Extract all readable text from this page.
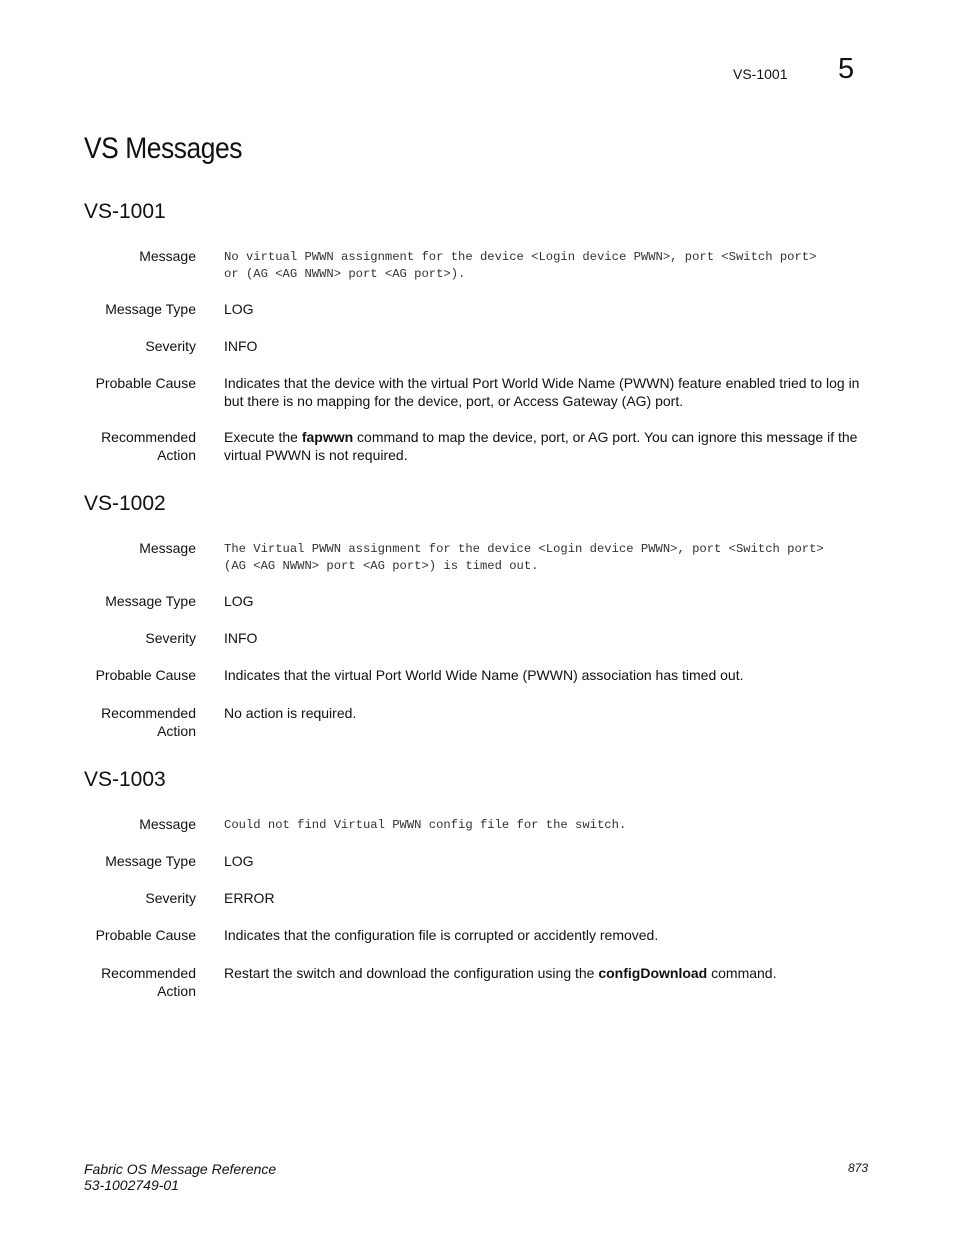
VS-1001 5
VS Messages
VS-1001
Message No virtual PWWN assignment for the device <Login device PWWN>, port <Switch port>
or (AG <AG NWWN> port <AG port>).
Message Type LOG
Severity INFO
Probable Cause Indicates that the device with the virtual Port World Wide Name (PWWN) feature enabled tried to log in but there is no mapping for the device, port, or Access Gateway (AG) port.
Recommended
Action
Execute the fapwwn command to map the device, port, or AG port. You can ignore this message if the virtual PWWN is not required.
VS-1002
Message The Virtual PWWN assignment for the device <Login device PWWN>, port <Switch port>
(AG <AG NWWN> port <AG port>) is timed out.
Message Type LOG
Severity INFO
Probable Cause Indicates that the virtual Port World Wide Name (PWWN) association has timed out.
Recommended
Action
No action is required.
VS-1003
Message Could not find Virtual PWWN config file for the switch.
Message Type LOG
Severity ERROR
Probable Cause Indicates that the configuration file is corrupted or accidently removed.
Recommended
Action
Restart the switch and download the configuration using the configDownload command.
Fabric OS Message Reference
53-1002749-01
873
